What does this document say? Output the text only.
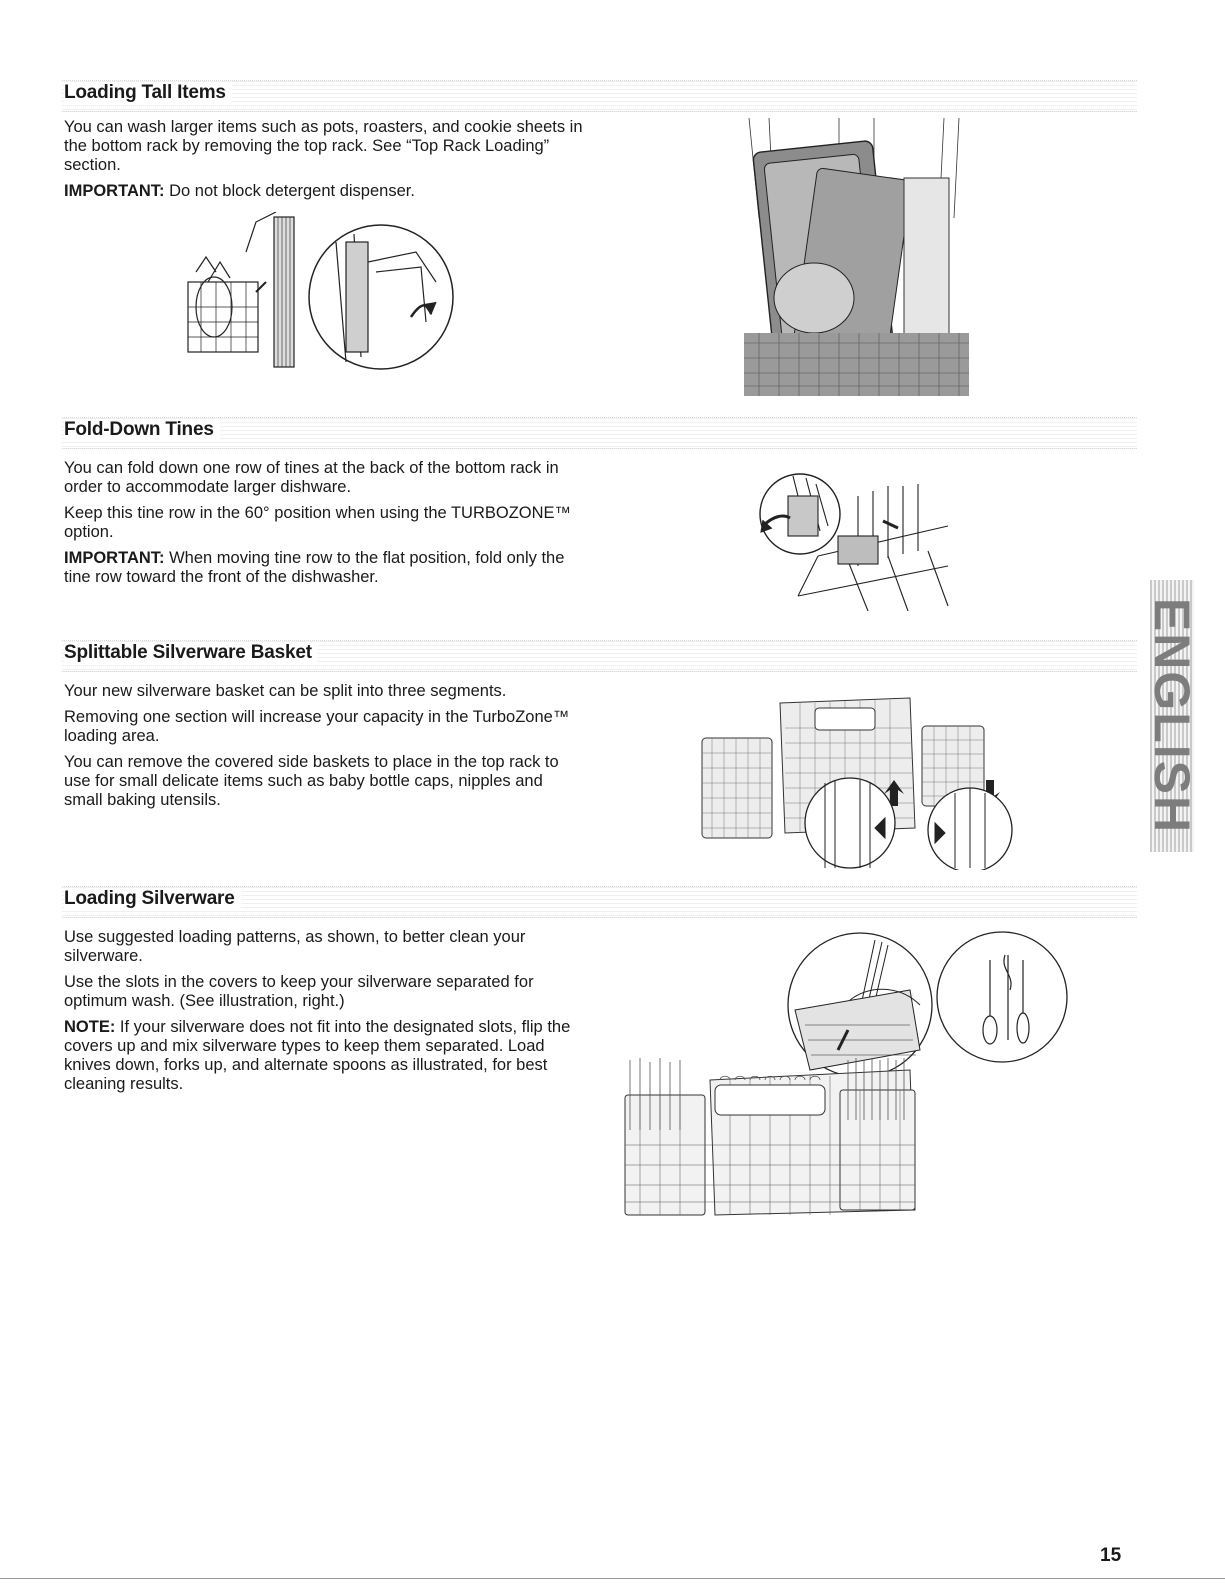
Loading Tall Items

You can wash larger items such as pots, roasters, and cookie sheets in the bottom rack by removing the top rack. See “Top Rack Loading” section.

IMPORTANT: Do not block detergent dispenser.

Fold-Down Tines

You can fold down one row of tines at the back of the bottom rack in order to accommodate larger dishware.

Keep this tine row in the 60° position when using the TURBOZONE™ option.

IMPORTANT: When moving tine row to the flat position, fold only the tine row toward the front of the dishwasher.

Splittable Silverware Basket

Your new silverware basket can be split into three segments.

Removing one section will increase your capacity in the TurboZone™ loading area.

You can remove the covered side baskets to place in the top rack to use for small delicate items such as baby bottle caps, nipples and small baking utensils.

Loading Silverware

Use suggested loading patterns, as shown, to better clean your silverware.

Use the slots in the covers to keep your silverware separated for optimum wash. (See illustration, right.)

NOTE: If your silverware does not fit into the designated slots, flip the covers up and mix silverware types to keep them separated. Load knives down, forks up, and alternate spoons as illustrated, for best cleaning results.

ENGLISH
15
